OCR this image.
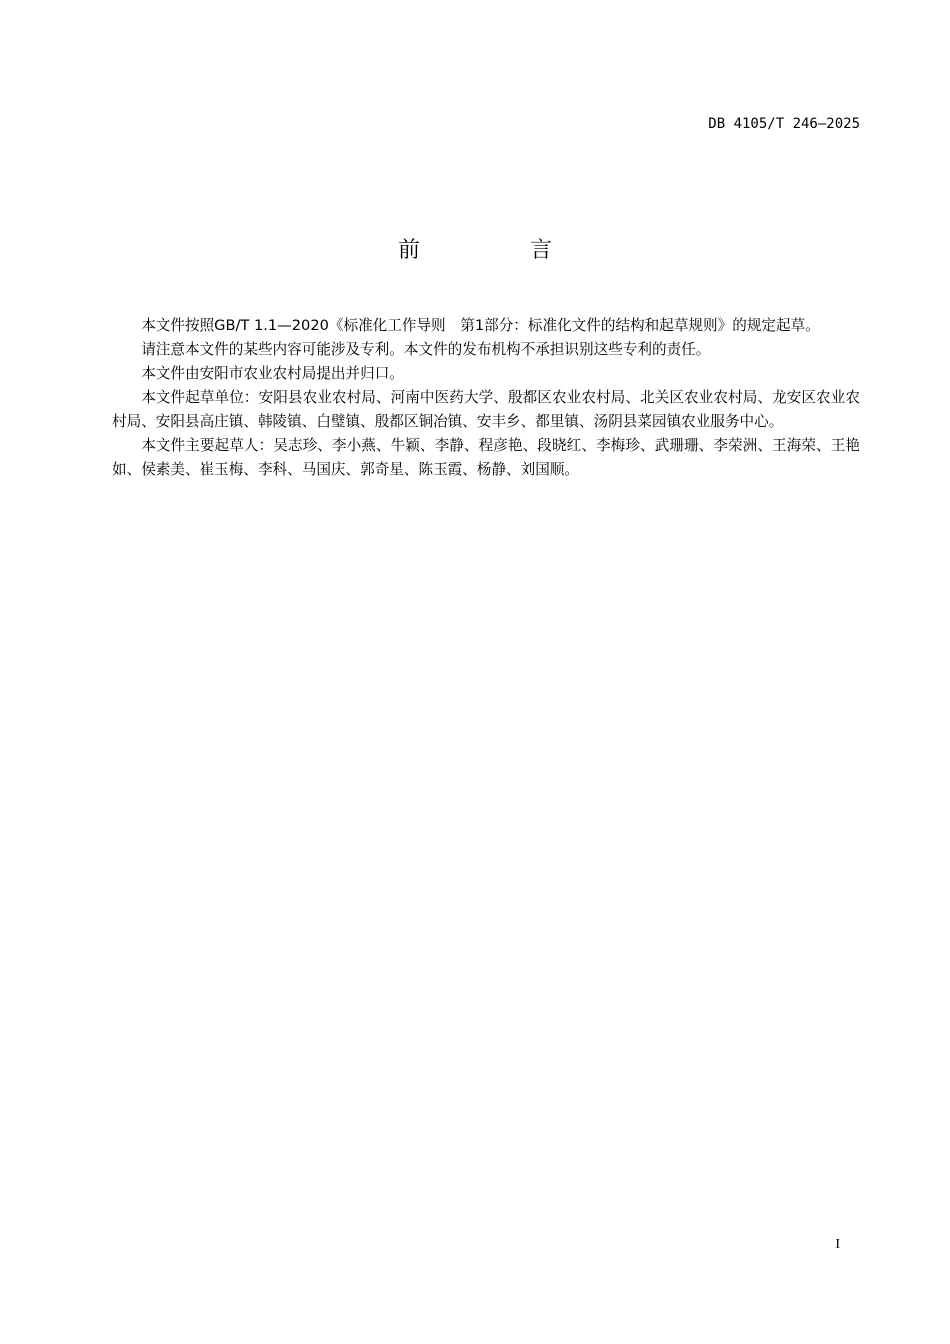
DB 4105/T 246—2025
前　言

本文件按照GB/T 1.1—2020《标准化工作导则　第1部分：标准化文件的结构和起草规则》的规定起草。

请注意本文件的某些内容可能涉及专利。本文件的发布机构不承担识别这些专利的责任。

本文件由安阳市农业农村局提出并归口。

本文件起草单位：安阳县农业农村局、河南中医药大学、殷都区农业农村局、北关区农业农村局、龙安区农业农村局、安阳县高庄镇、韩陵镇、白璧镇、殷都区铜冶镇、安丰乡、都里镇、汤阴县菜园镇农业服务中心。

本文件主要起草人：吴志珍、李小燕、牛颖、李静、程彦艳、段晓红、李梅珍、武珊珊、李荣洲、王海荣、王艳如、侯素美、崔玉梅、李科、马国庆、郭奇星、陈玉霞、杨静、刘国顺。

I
